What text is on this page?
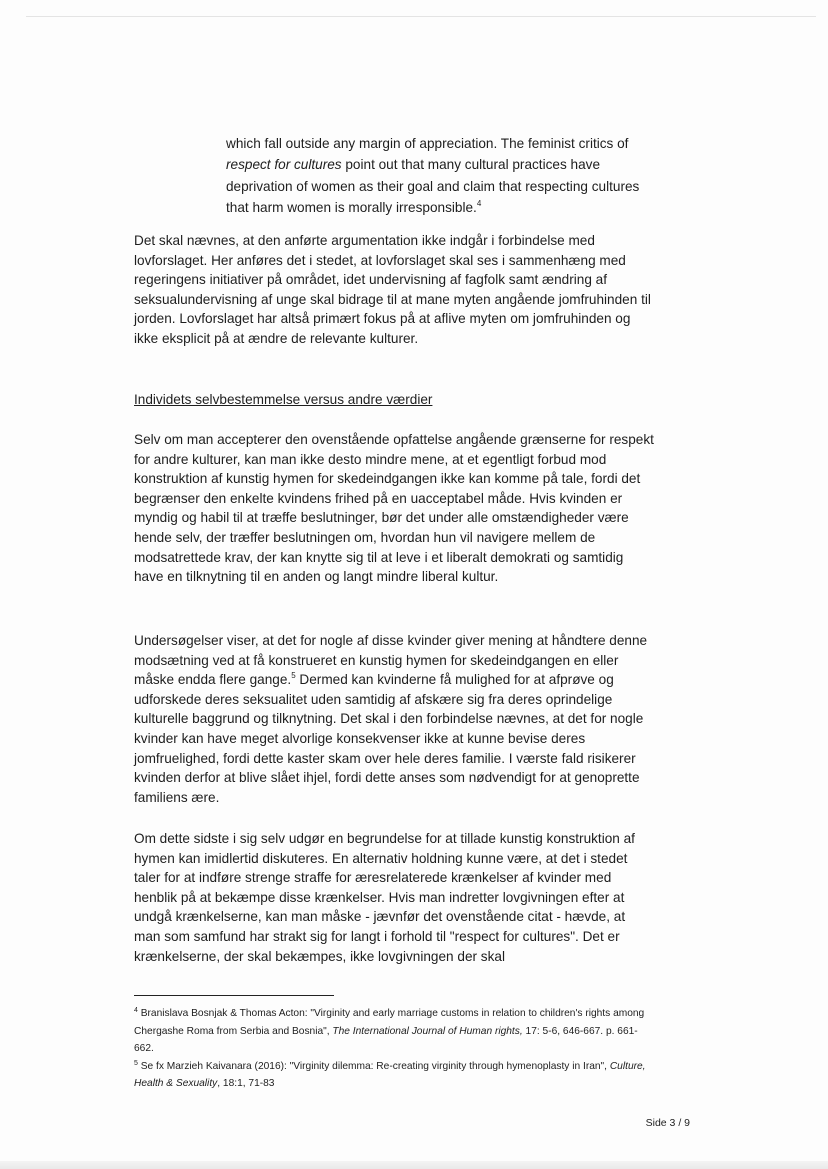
which fall outside any margin of appreciation. The feminist critics of respect for cultures point out that many cultural practices have deprivation of women as their goal and claim that respecting cultures that harm women is morally irresponsible.$^4$
Det skal nævnes, at den anførte argumentation ikke indgår i forbindelse med lovforslaget. Her anføres det i stedet, at lovforslaget skal ses i sammenhæng med regeringens initiativer på området, idet undervisning af fagfolk samt ændring af seksualundervisning af unge skal bidrage til at mane myten angående jomfruhinden til jorden. Lovforslaget har altså primært fokus på at aflive myten om jomfruhinden og ikke eksplicit på at ændre de relevante kulturer.
Individets selvbestemmelse versus andre værdier
Selv om man accepterer den ovenstående opfattelse angående grænserne for respekt for andre kulturer, kan man ikke desto mindre mene, at et egentligt forbud mod konstruktion af kunstig hymen for skedeindgangen ikke kan komme på tale, fordi det begrænser den enkelte kvindens frihed på en uacceptabel måde. Hvis kvinden er myndig og habil til at træffe beslutninger, bør det under alle omstændigheder være hende selv, der træffer beslutningen om, hvordan hun vil navigere mellem de modsatrettede krav, der kan knytte sig til at leve i et liberalt demokrati og samtidig have en tilknytning til en anden og langt mindre liberal kultur.
Undersøgelser viser, at det for nogle af disse kvinder giver mening at håndtere denne modsætning ved at få konstrueret en kunstig hymen for skedeindgangen en eller måske endda flere gange.$^5$ Dermed kan kvinderne få mulighed for at afprøve og udforskede deres seksualitet uden samtidig af afskære sig fra deres oprindelige kulturelle baggrund og tilknytning. Det skal i den forbindelse nævnes, at det for nogle kvinder kan have meget alvorlige konsekvenser ikke at kunne bevise deres jomfruelighed, fordi dette kaster skam over hele deres familie. I værste fald risikerer kvinden derfor at blive slået ihjel, fordi dette anses som nødvendigt for at genoprette familiens ære.
Om dette sidste i sig selv udgør en begrundelse for at tillade kunstig konstruktion af hymen kan imidlertid diskuteres. En alternativ holdning kunne være, at det i stedet taler for at indføre strenge straffe for æresrelaterede krænkelser af kvinder med henblik på at bekæmpe disse krænkelser. Hvis man indretter lovgivningen efter at undgå krænkelserne, kan man måske - jævnfør det ovenstående citat - hævde, at man som samfund har strakt sig for langt i forhold til "respect for cultures". Det er krænkelserne, der skal bekæmpes, ikke lovgivningen der skal
$^4$ Branislava Bosnjak & Thomas Acton: "Virginity and early marriage customs in relation to children's rights among Chergashe Roma from Serbia and Bosnia", The International Journal of Human rights, 17: 5-6, 646-667. p. 661-662.
$^5$ Se fx Marzieh Kaivanara (2016): "Virginity dilemma: Re-creating virginity through hymenoplasty in Iran", Culture, Health & Sexuality, 18:1, 71-83
Side 3 / 9
